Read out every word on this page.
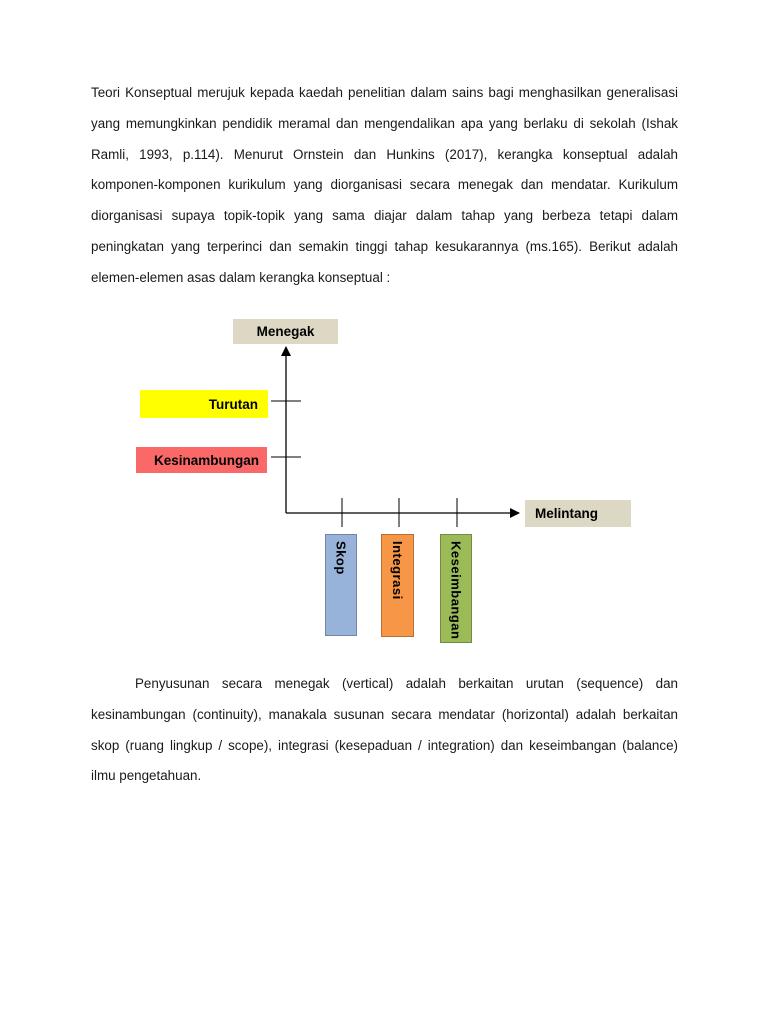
Teori Konseptual merujuk kepada kaedah penelitian dalam sains bagi menghasilkan generalisasi yang memungkinkan pendidik meramal dan mengendalikan apa yang berlaku di sekolah (Ishak Ramli, 1993, p.114). Menurut Ornstein dan Hunkins (2017), kerangka konseptual adalah komponen-komponen kurikulum yang diorganisasi secara menegak dan mendatar. Kurikulum diorganisasi supaya topik-topik yang sama diajar dalam tahap yang berbeza tetapi dalam peningkatan yang terperinci dan semakin tinggi tahap kesukarannya (ms.165). Berikut adalah elemen-elemen asas dalam kerangka konseptual :

Menegak
Melintang
Turutan
Kesinambungan
Skop	Integrasi	Keseimbangan

Penyusunan secara menegak (vertical) adalah berkaitan urutan (sequence) dan kesinambungan (continuity), manakala susunan secara mendatar (horizontal) adalah berkaitan skop (ruang lingkup / scope), integrasi (kesepaduan / integration) dan keseimbangan (balance) ilmu pengetahuan.
